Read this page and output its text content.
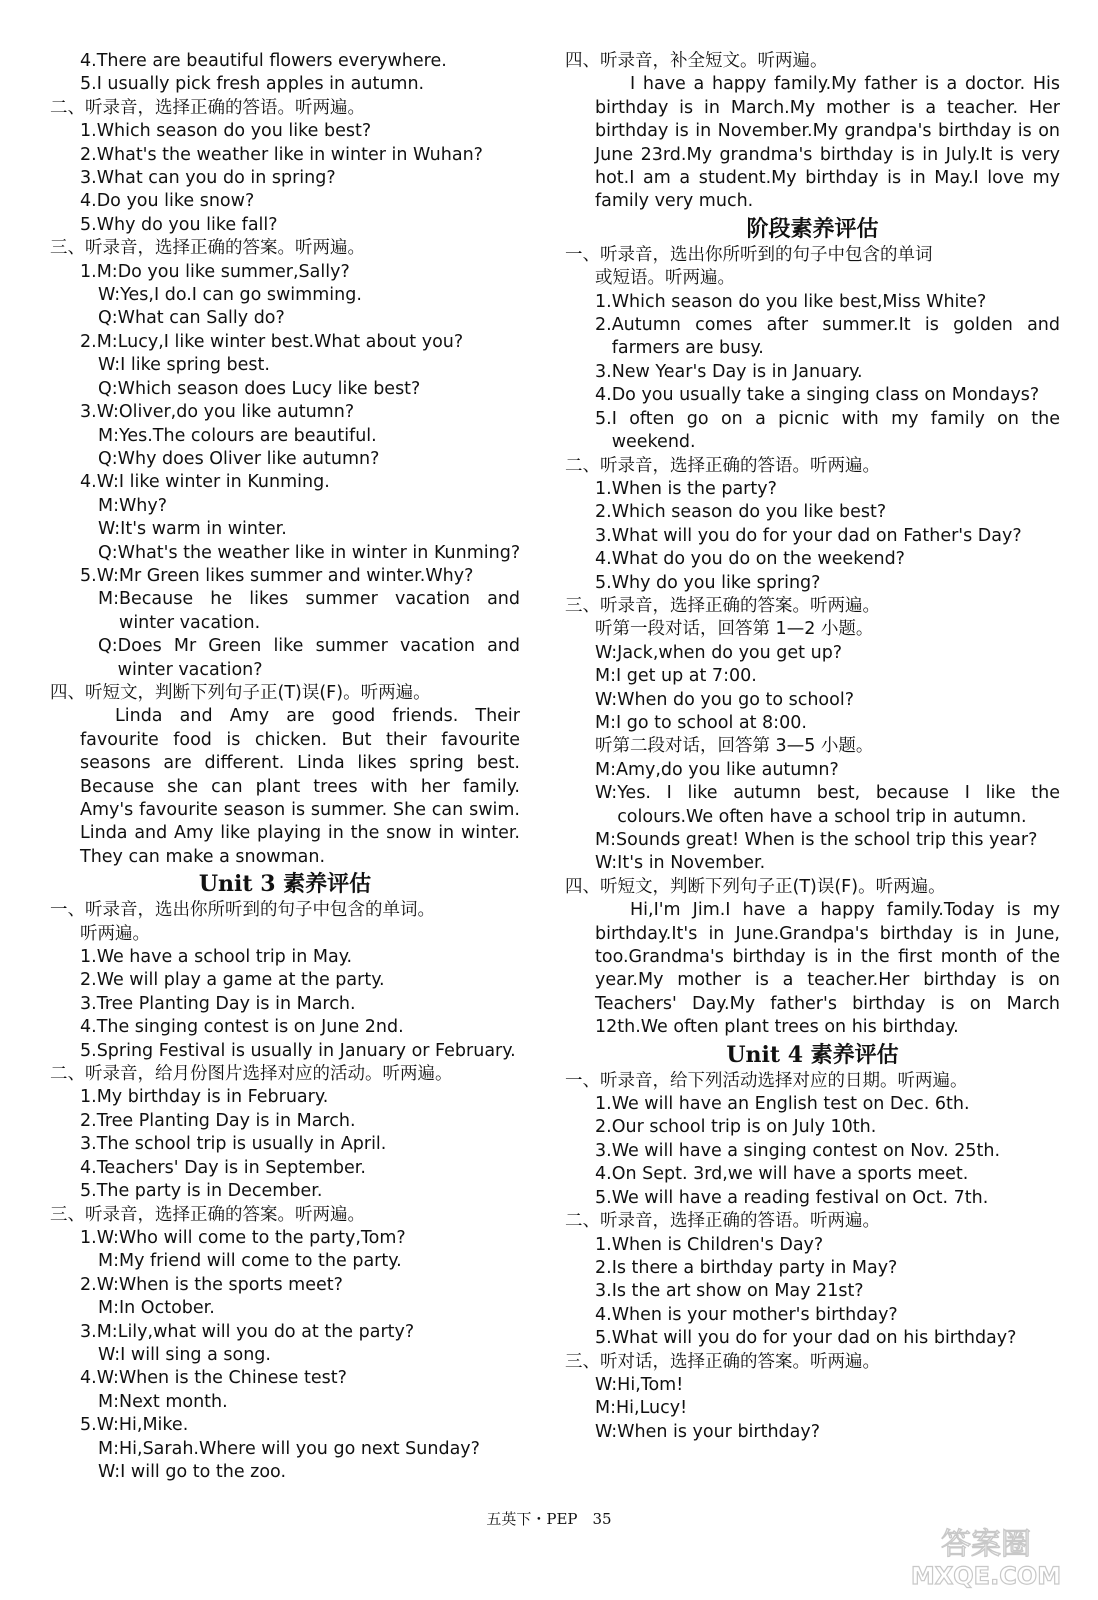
4.There are beautiful flowers everywhere.
5.I usually pick fresh apples in autumn.
二、听录音，选择正确的答语。听两遍。
1.Which season do you like best?
2.What's the weather like in winter in Wuhan?
3.What can you do in spring?
4.Do you like snow?
5.Why do you like fall?
三、听录音，选择正确的答案。听两遍。
1.M:Do you like summer,Sally?
W:Yes,I do.I can go swimming.
Q:What can Sally do?
2.M:Lucy,I like winter best.What about you?
W:I like spring best.
Q:Which season does Lucy like best?
3.W:Oliver,do you like autumn?
M:Yes.The colours are beautiful.
Q:Why does Oliver like autumn?
4.W:I like winter in Kunming.
M:Why?
W:It's warm in winter.
Q:What's the weather like in winter in Kunming?
5.W:Mr Green likes summer and winter.Why?
M: Because he likes summer vacation and winter vacation.
Q: Does Mr Green like summer vacation and winter vacation?
四、听短文，判断下列句子正(T)误(F)。听两遍。
Linda and Amy are good friends. Their favourite food is chicken. But their favourite seasons are different. Linda likes spring best. Because she can plant trees with her family. Amy's favourite season is summer. She can swim. Linda and Amy like playing in the snow in winter. They can make a snowman.
Unit 3 素养评估
一、听录音，选出你所听到的句子中包含的单词。
听两遍。
1.We have a school trip in May.
2.We will play a game at the party.
3.Tree Planting Day is in March.
4.The singing contest is on June 2nd.
5.Spring Festival is usually in January or February.
二、听录音，给月份图片选择对应的活动。听两遍。
1.My birthday is in February.
2.Tree Planting Day is in March.
3.The school trip is usually in April.
4.Teachers' Day is in September.
5.The party is in December.
三、听录音，选择正确的答案。听两遍。
1.W:Who will come to the party,Tom?
M:My friend will come to the party.
2.W:When is the sports meet?
M:In October.
3.M:Lily,what will you do at the party?
W:I will sing a song.
4.W:When is the Chinese test?
M:Next month.
5.W:Hi,Mike.
M:Hi,Sarah.Where will you go next Sunday?
W:I will go to the zoo.
四、听录音，补全短文。听两遍。
I have a happy family.My father is a doctor. His birthday is in March.My mother is a teacher. Her birthday is in November.My grandpa's birthday is on June 23rd.My grandma's birthday is in July.It is very hot.I am a student.My birthday is in May.I love my family very much.
阶段素养评估
一、听录音，选出你所听到的句子中包含的单词
或短语。听两遍。
1.Which season do you like best,Miss White?
2. Autumn comes after summer.It is golden and farmers are busy.
3.New Year's Day is in January.
4. Do you usually take a singing class on Mondays?
5. I often go on a picnic with my family on the weekend.
二、听录音，选择正确的答语。听两遍。
1.When is the party?
2.Which season do you like best?
3.What will you do for your dad on Father's Day?
4.What do you do on the weekend?
5.Why do you like spring?
三、听录音，选择正确的答案。听两遍。
听第一段对话，回答第 1—2 小题。
W:Jack,when do you get up?
M:I get up at 7:00.
W:When do you go to school?
M:I go to school at 8:00.
听第二段对话，回答第 3—5 小题。
M:Amy,do you like autumn?
W: Yes. I like autumn best, because I like the colours.We often have a school trip in autumn.
M: Sounds great! When is the school trip this year?
W:It's in November.
四、听短文，判断下列句子正(T)误(F)。听两遍。
Hi,I'm Jim.I have a happy family.Today is my birthday.It's in June.Grandpa's birthday is in June, too.Grandma's birthday is in the first month of the year.My mother is a teacher.Her birthday is on Teachers' Day.My father's birthday is on March 12th.We often plant trees on his birthday.
Unit 4 素养评估
一、听录音，给下列活动选择对应的日期。听两遍。
1.We will have an English test on Dec. 6th.
2.Our school trip is on July 10th.
3.We will have a singing contest on Nov. 25th.
4.On Sept. 3rd,we will have a sports meet.
5.We will have a reading festival on Oct. 7th.
二、听录音，选择正确的答语。听两遍。
1.When is Children's Day?
2.Is there a birthday party in May?
3.Is the art show on May 21st?
4.When is your mother's birthday?
5.What will you do for your dad on his birthday?
三、听对话，选择正确的答案。听两遍。
W:Hi,Tom!
M:Hi,Lucy!
W:When is your birthday?
五英下・PEP　35
答案圈
MXQE.COM
